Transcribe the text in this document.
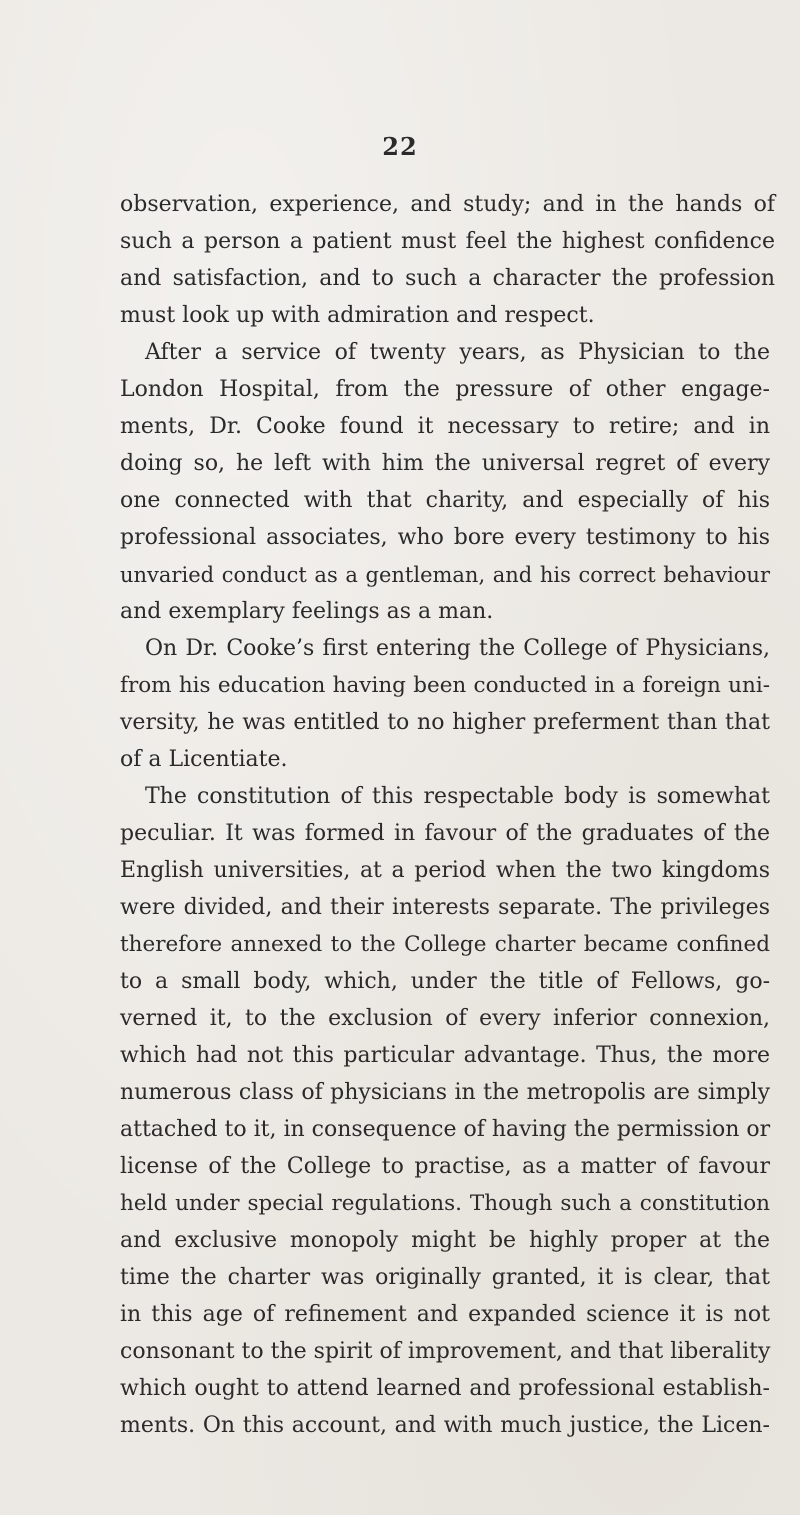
22
observation, experience, and study; and in the hands of
such a person a patient must feel the highest confidence
and satisfaction, and to such a character the profession
must look up with admiration and respect.
After a service of twenty years, as Physician to the
London Hospital, from the pressure of other engage-
ments, Dr. Cooke found it necessary to retire; and in
doing so, he left with him the universal regret of every
one connected with that charity, and especially of his
professional associates, who bore every testimony to his
unvaried conduct as a gentleman, and his correct behaviour
and exemplary feelings as a man.
On Dr. Cooke’s first entering the College of Physicians,
from his education having been conducted in a foreign uni-
versity, he was entitled to no higher preferment than that
of a Licentiate.
The constitution of this respectable body is somewhat
peculiar. It was formed in favour of the graduates of the
English universities, at a period when the two kingdoms
were divided, and their interests separate. The privileges
therefore annexed to the College charter became confined
to a small body, which, under the title of Fellows, go-
verned it, to the exclusion of every inferior connexion,
which had not this particular advantage. Thus, the more
numerous class of physicians in the metropolis are simply
attached to it, in consequence of having the permission or
license of the College to practise, as a matter of favour
held under special regulations. Though such a constitution
and exclusive monopoly might be highly proper at the
time the charter was originally granted, it is clear, that
in this age of refinement and expanded science it is not
consonant to the spirit of improvement, and that liberality
which ought to attend learned and professional establish-
ments. On this account, and with much justice, the Licen-
